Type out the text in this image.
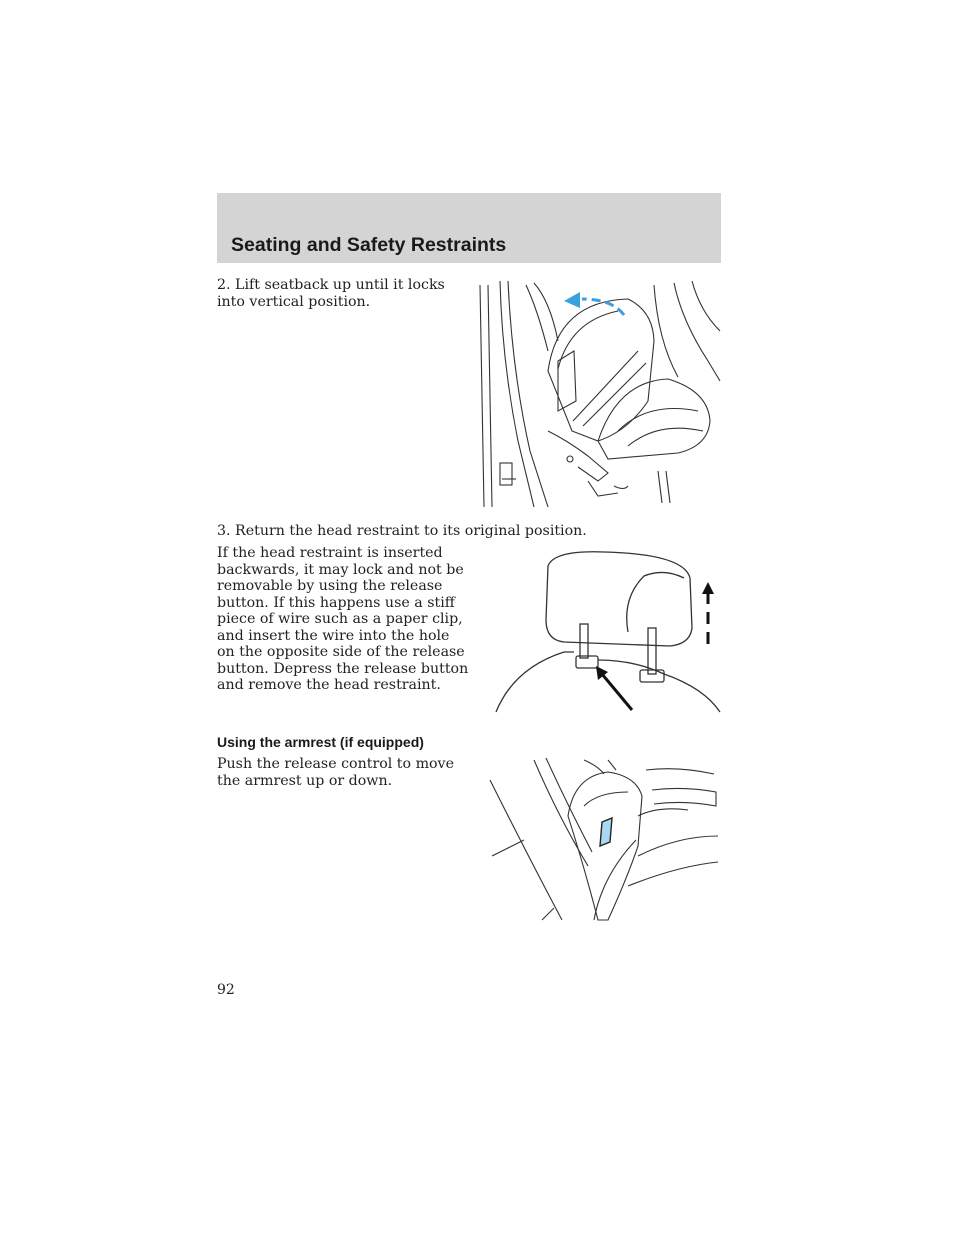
Seating and Safety Restraints

2. Lift seatback up until it locks into vertical position.

3. Return the head restraint to its original position.

If the head restraint is inserted backwards, it may lock and not be removable by using the release button. If this happens use a stiff piece of wire such as a paper clip, and insert the wire into the hole on the opposite side of the release button. Depress the release button and remove the head restraint.

Using the armrest (if equipped)

Push the release control to move the armrest up or down.

92
